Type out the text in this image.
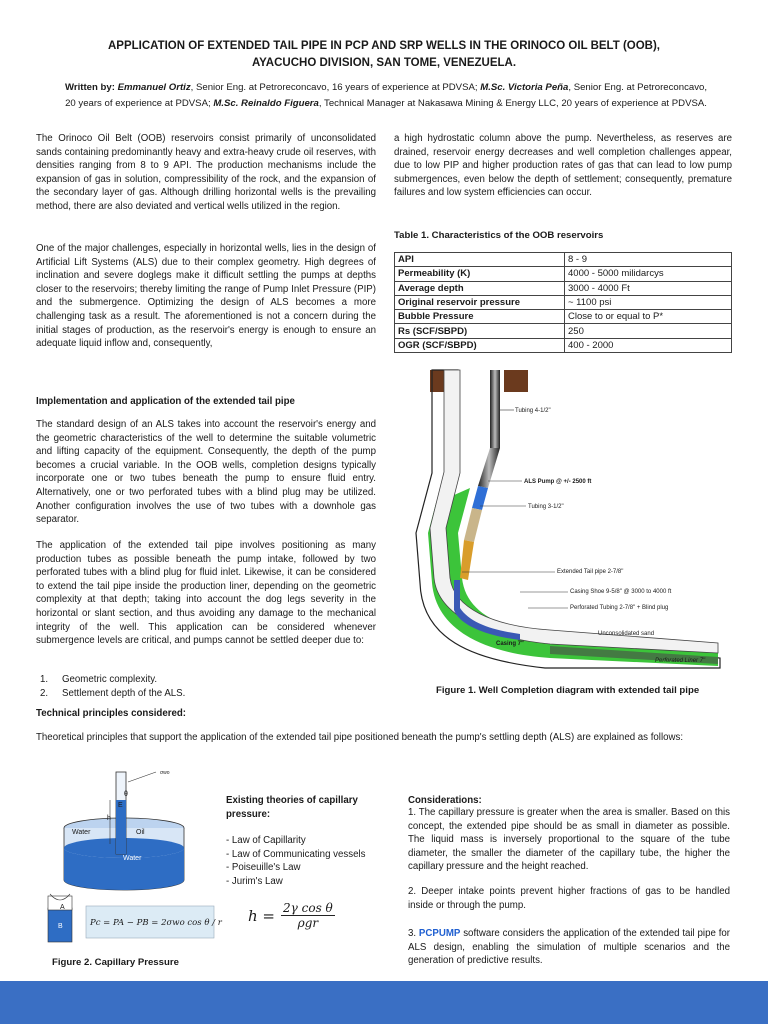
APPLICATION OF EXTENDED TAIL PIPE IN PCP AND SRP WELLS IN THE ORINOCO OIL BELT (OOB),
AYACUCHO DIVISION, SAN TOME, VENEZUELA.
Written by: Emmanuel Ortiz, Senior Eng. at Petroreconcavo, 16 years of experience at PDVSA; M.Sc. Victoria Peña, Senior Eng. at Petroreconcavo,
20 years of experience at PDVSA; M.Sc. Reinaldo Figuera, Technical Manager at Nakasawa Mining & Energy LLC, 20 years of experience at PDVSA.
The Orinoco Oil Belt (OOB) reservoirs consist primarily of unconsolidated sands containing predominantly heavy and extra-heavy crude oil reserves, with densities ranging from 8 to 9 API. The production mechanisms include the expansion of gas in solution, compressibility of the rock, and the expansion of the secondary layer of gas. Although drilling horizontal wells is the prevailing method, there are also deviated and vertical wells utilized in the region.
One of the major challenges, especially in horizontal wells, lies in the design of Artificial Lift Systems (ALS) due to their complex geometry. High degrees of inclination and severe doglegs make it difficult settling the pumps at depths closer to the reservoirs; thereby limiting the range of Pump Inlet Pressure (PIP) and the submergence. Optimizing the design of ALS becomes a more challenging task as a result. The aforementioned is not a concern during the initial stages of production, as the reservoir's energy is enough to ensure an adequate liquid inflow and, consequently,
a high hydrostatic column above the pump. Nevertheless, as reserves are drained, reservoir energy decreases and well completion challenges appear, due to low PIP and higher production rates of gas that can lead to low pump submergences, even below the depth of settlement; consequently, premature failures and low system efficiencies can occur.
Table 1. Characteristics of the OOB reservoirs
API	8 - 9
Permeability (K)	4000 - 5000 milidarcys
Average depth	3000 - 4000 Ft
Original reservoir pressure	~ 1100 psi
Bubble Pressure	Close to or equal to P*
Rs (SCF/SBPD)	250
OGR (SCF/SBPD)	400 - 2000
Implementation and application of the extended tail pipe
The standard design of an ALS takes into account the reservoir's energy and the geometric characteristics of the well to determine the suitable volumetric and lifting capacity of the equipment. Consequently, the depth of the pump becomes a crucial variable. In the OOB wells, completion designs typically incorporate one or two tubes beneath the pump to ensure fluid entry. Alternatively, one or two perforated tubes with a blind plug may be utilized. Another configuration involves the use of two tubes with a downhole gas separator.
The application of the extended tail pipe involves positioning as many production tubes as possible beneath the pump intake, followed by two perforated tubes with a blind plug for fluid inlet. Likewise, it can be considered to extend the tail pipe inside the production liner, depending on the geometric complexity at that depth; taking into account the dog legs severity in the horizontal or slant section, and thus avoiding any damage to the mechanical integrity of the well. This application can be considered whenever submergence levels are critical, and pumps cannot be settled deeper due to:
1. Geometric complexity.
2. Settlement depth of the ALS.
Tubing 4-1/2"
ALS Pump @ +/- 2500 ft
Tubing 3-1/2"
Extended Tail pipe 2-7/8"
Casing Shoe 9-5/8" @ 3000 to 4000 ft
Perforated Tubing 2-7/8" + Blind plug
Unconsolidated sand
Casing 7"
Perforated Liner 7"
Figure 1. Well Completion diagram with extended tail pipe
Technical principles considered:
Theoretical principles that support the application of the extended tail pipe positioned beneath the pump's settling depth (ALS) are explained as follows:
σwo
θ
h
E
Water	Oil
Water
A
B	Pc = PA − PB = 2σwo cos θ / r
Figure 2. Capillary Pressure
Existing theories of capillary pressure:
- Law of Capillarity
- Law of Communicating vessels
- Poiseuille's Law
- Jurim's Law
h = 2γ cos θ
ρgr
Considerations:
1. The capillary pressure is greater when the area is smaller. Based on this concept, the extended pipe should be as small in diameter as possible. The liquid mass is inversely proportional to the square of the tube diameter, the smaller the diameter of the capillary tube, the higher the capillary pressure and the height reached.
2. Deeper intake points prevent higher fractions of gas to be handled inside or through the pump.
3. PCPUMP software considers the application of the extended tail pipe for ALS design, enabling the simulation of multiple scenarios and the generation of predictive results.
